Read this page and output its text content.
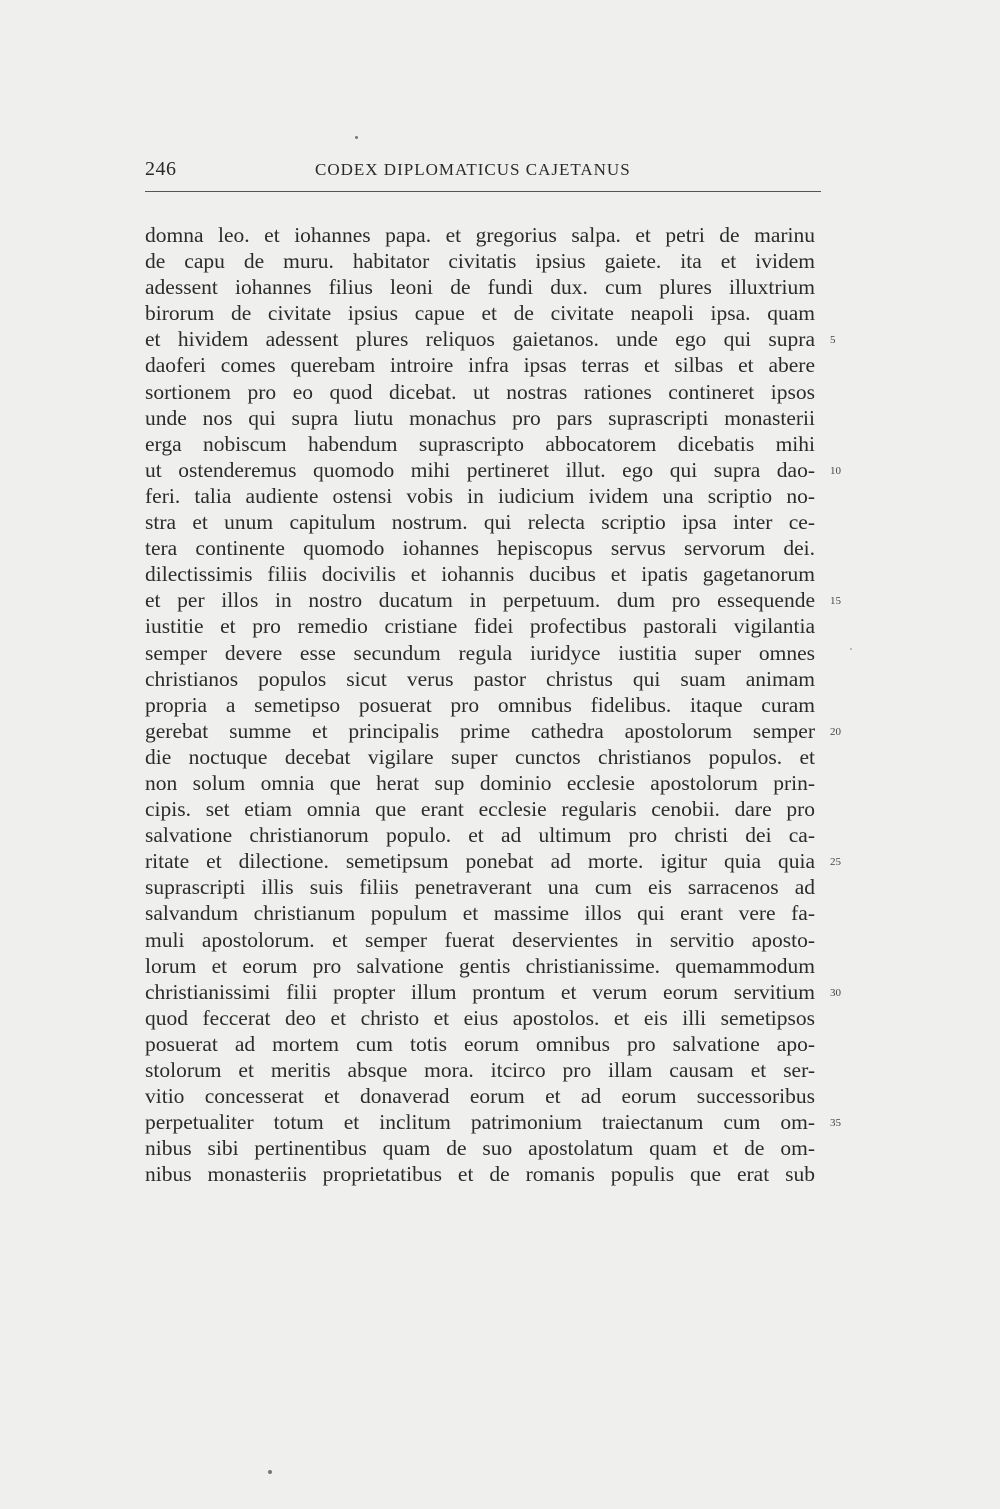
246	CODEX DIPLOMATICUS CAJETANUS
domna leo. et iohannes papa. et gregorius salpa. et petri de marinu
de capu de muru. habitator civitatis ipsius gaiete. ita et ividem
adessent iohannes filius leoni de fundi dux. cum plures illuxtrium
birorum de civitate ipsius capue et de civitate neapoli ipsa. quam
et hividem adessent plures reliquos gaietanos. unde ego qui supra
daoferi comes querebam introire infra ipsas terras et silbas et abere
sortionem pro eo quod dicebat. ut nostras rationes contineret ipsos
unde nos qui supra liutu monachus pro pars suprascripti monasterii
erga nobiscum habendum suprascripto abbocatorem dicebatis mihi
ut ostenderemus quomodo mihi pertineret illut. ego qui supra dao-
feri. talia audiente ostensi vobis in iudicium ividem una scriptio no-
stra et unum capitulum nostrum. qui relecta scriptio ipsa inter ce-
tera continente quomodo iohannes hepiscopus servus servorum dei.
dilectissimis filiis docivilis et iohannis ducibus et ipatis gagetanorum
et per illos in nostro ducatum in perpetuum. dum pro essequende
iustitie et pro remedio cristiane fidei profectibus pastorali vigilantia
semper devere esse secundum regula iuridyce iustitia super omnes
christianos populos sicut verus pastor christus qui suam animam
propria a semetipso posuerat pro omnibus fidelibus. itaque curam
gerebat summe et principalis prime cathedra apostolorum semper
die noctuque decebat vigilare super cunctos christianos populos. et
non solum omnia que herat sup dominio ecclesie apostolorum prin-
cipis. set etiam omnia que erant ecclesie regularis cenobii. dare pro
salvatione christianorum populo. et ad ultimum pro christi dei ca-
ritate et dilectione. semetipsum ponebat ad morte. igitur quia quia
suprascripti illis suis filiis penetraverant una cum eis sarracenos ad
salvandum christianum populum et massime illos qui erant vere fa-
muli apostolorum. et semper fuerat deservientes in servitio aposto-
lorum et eorum pro salvatione gentis christianissime. quemammodum
christianissimi filii propter illum prontum et verum eorum servitium
quod feccerat deo et christo et eius apostolos. et eis illi semetipsos
posuerat ad mortem cum totis eorum omnibus pro salvatione apo-
stolorum et meritis absque mora. itcirco pro illam causam et ser-
vitio concesserat et donaverad eorum et ad eorum successoribus
perpetualiter totum et inclitum patrimonium traiectanum cum om-
nibus sibi pertinentibus quam de suo apostolatum quam et de om-
nibus monasteriis proprietatibus et de romanis populis que erat sub
5
10
15
20
25
30
35
